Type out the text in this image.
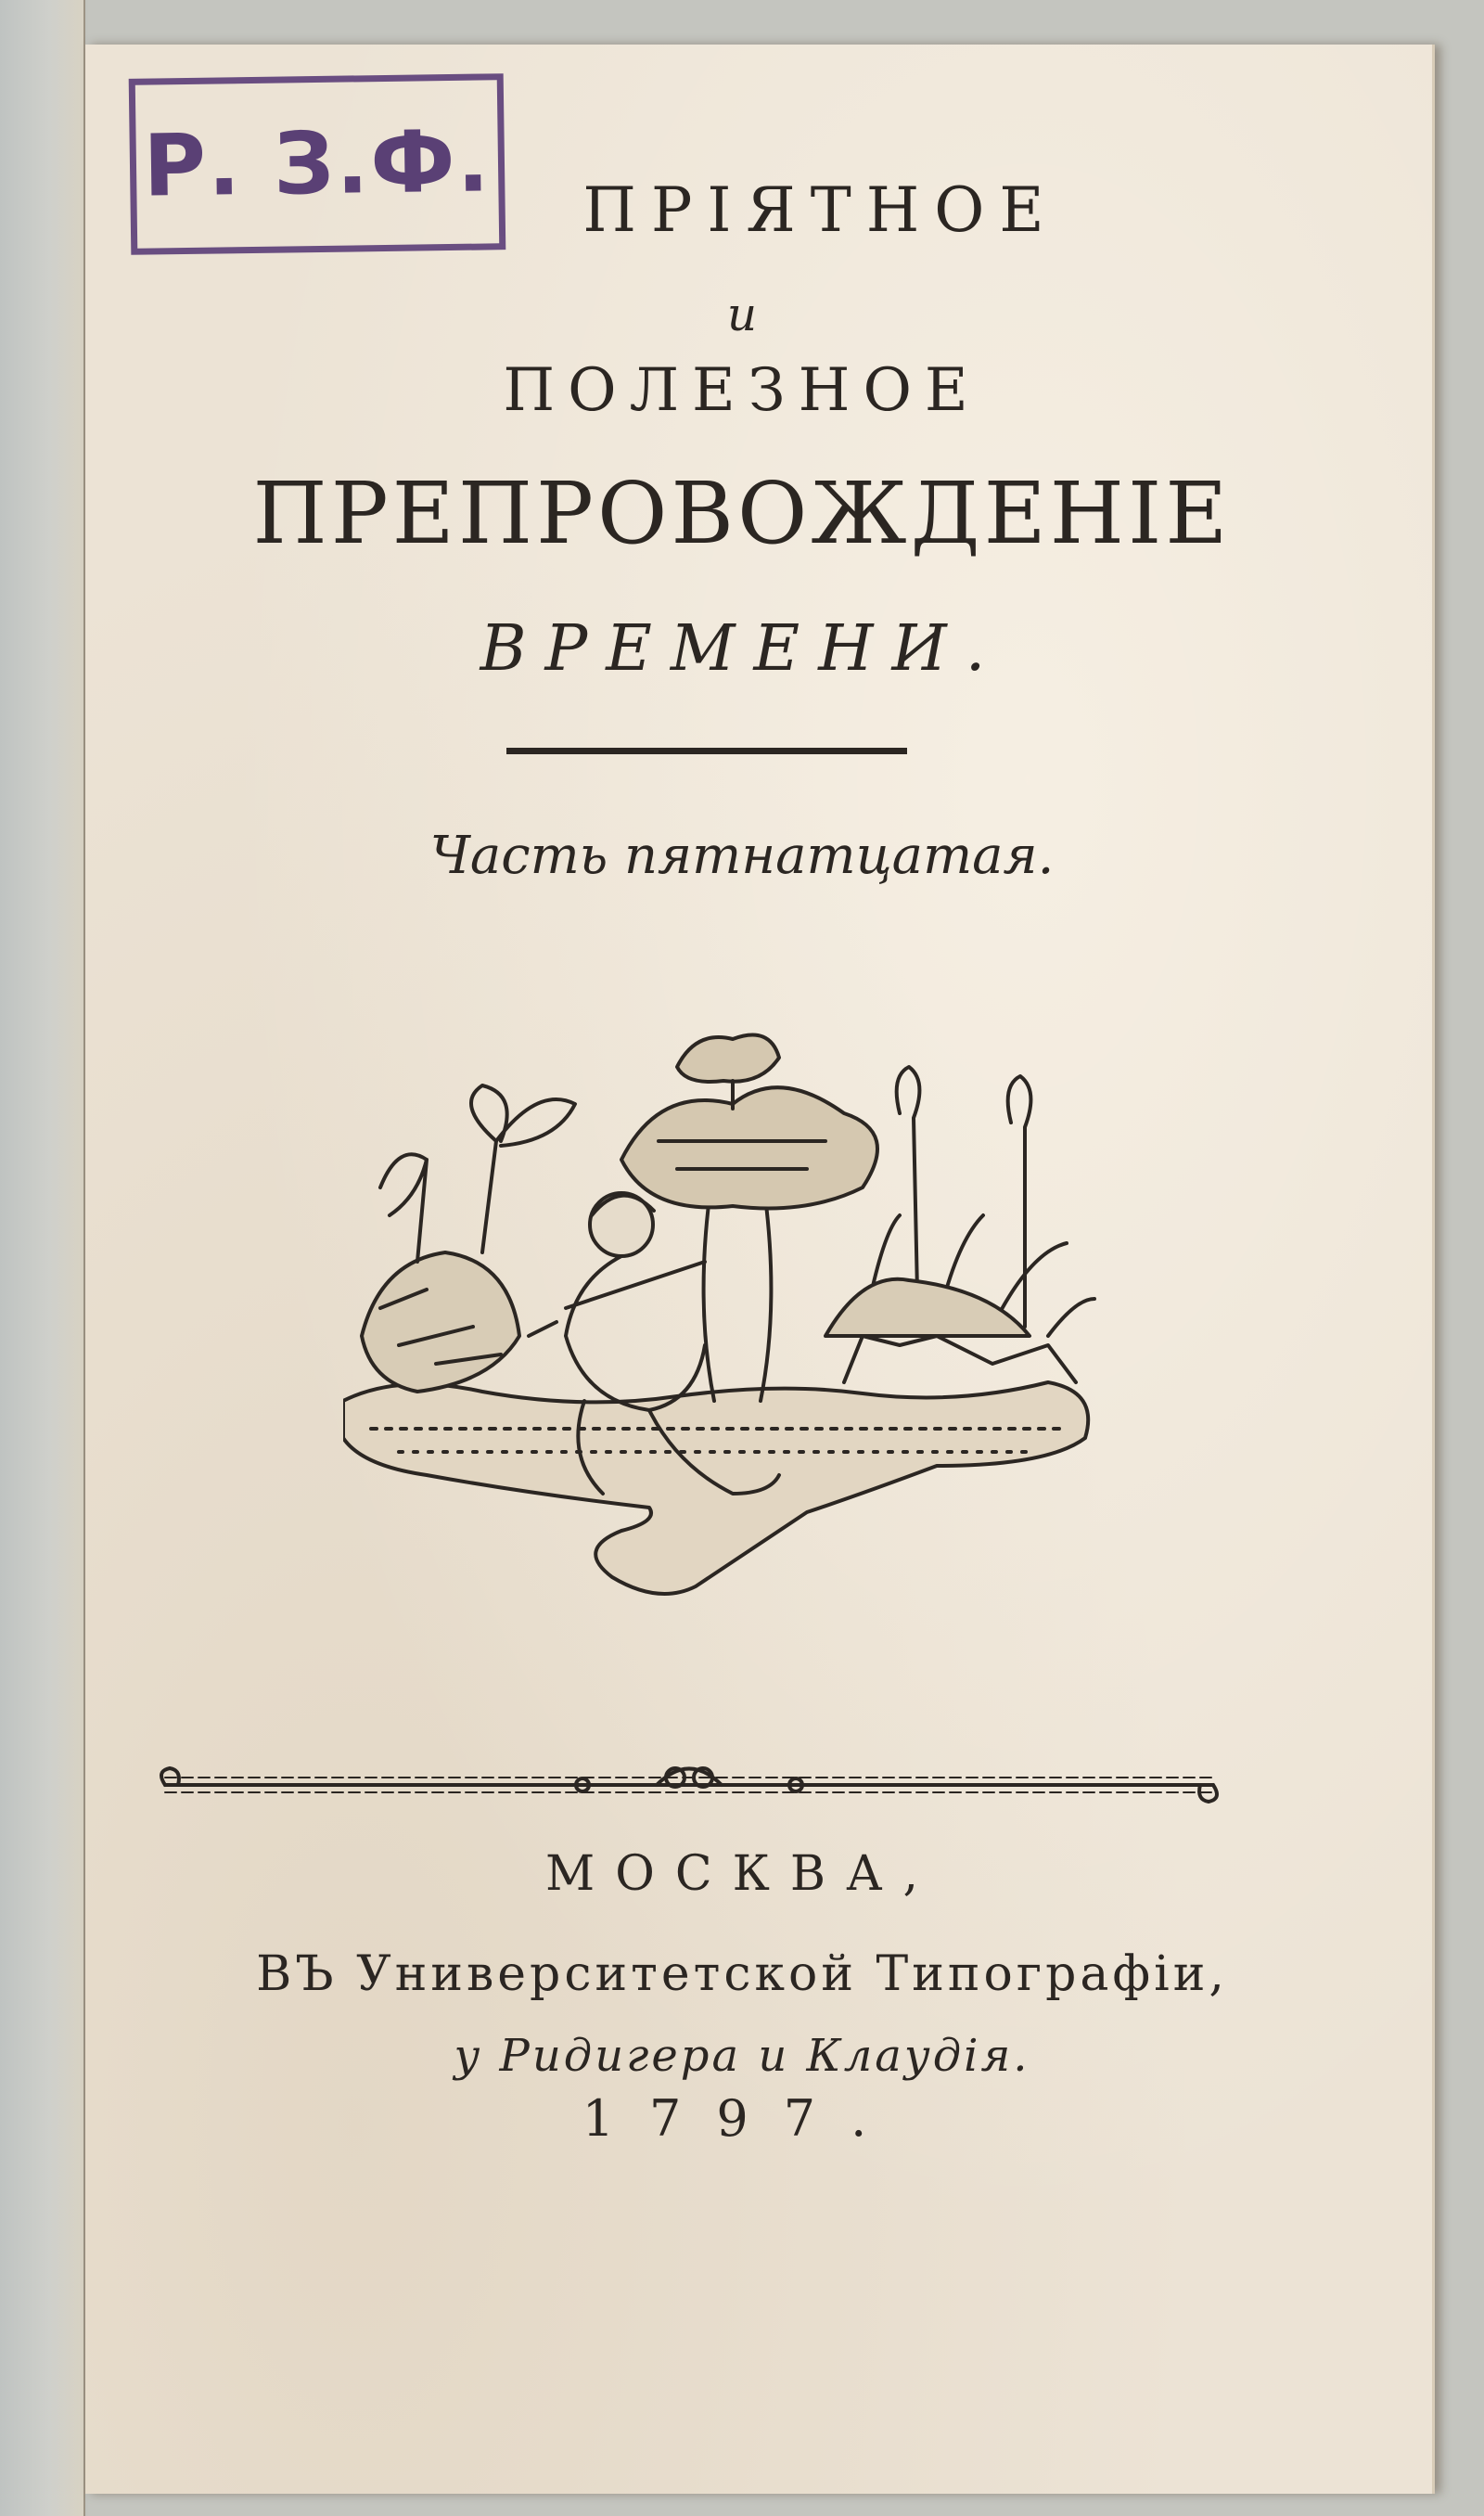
Р. З.Ф.	ПРІЯТНОЕ
и
ПОЛЕЗНОЕ
ПРЕПРОВОЖДЕНІЕ
ВРЕМЕНИ.
Часть пятнатцатая.
МОСКВА,
ВЪ Университетской Типографіи,
у Ридигера и Клаудія.
1797.
